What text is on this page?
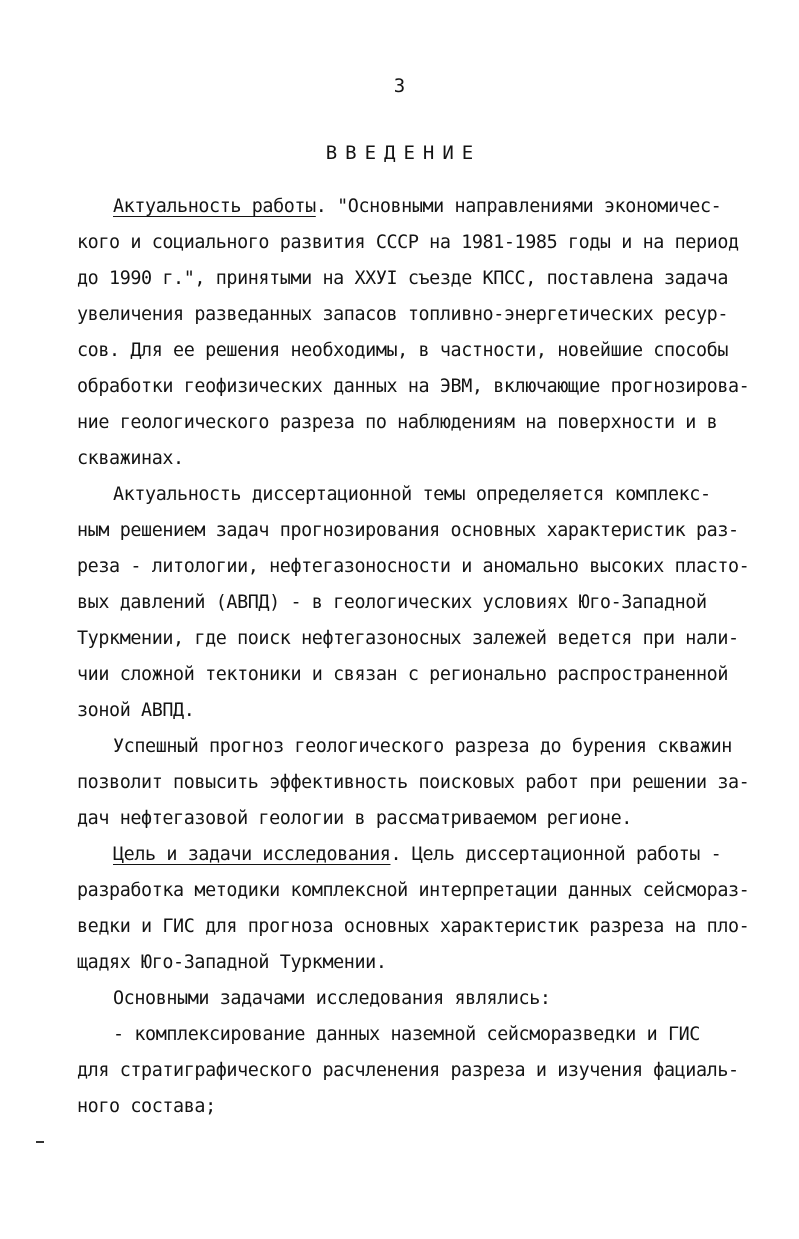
3
ВВЕДЕНИЕ
Актуальность работы. "Основными направлениями экономичес-
кого и социального развития СССР на 1981-1985 годы и на период
до 1990 г.", принятыми на ХХУI съезде КПСС, поставлена задача
увеличения разведанных запасов топливно-энергетических ресур-
сов. Для ее решения необходимы, в частности, новейшие способы
обработки геофизических данных на ЭВМ, включающие прогнозирова-
ние геологического разреза по наблюдениям на поверхности и в
скважинах.
Актуальность диссертационной темы определяется комплекс-
ным решением задач прогнозирования основных характеристик раз-
реза - литологии, нефтегазоносности и аномально высоких пласто-
вых давлений (АВПД) - в геологических условиях Юго-Западной
Туркмении, где поиск нефтегазоносных залежей ведется при нали-
чии сложной тектоники и связан с регионально распространенной
зоной АВПД.
Успешный прогноз геологического разреза до бурения скважин
позволит повысить эффективность поисковых работ при решении за-
дач нефтегазовой геологии в рассматриваемом регионе.
Цель и задачи исследования. Цель диссертационной работы -
разработка методики комплексной интерпретации данных сейсмораз-
ведки и ГИС для прогноза основных характеристик разреза на пло-
щадях Юго-Западной Туркмении.
Основными задачами исследования являлись:
- комплексирование данных наземной сейсморазведки и ГИС
для стратиграфического расчленения разреза и изучения фациаль-
ного состава;
